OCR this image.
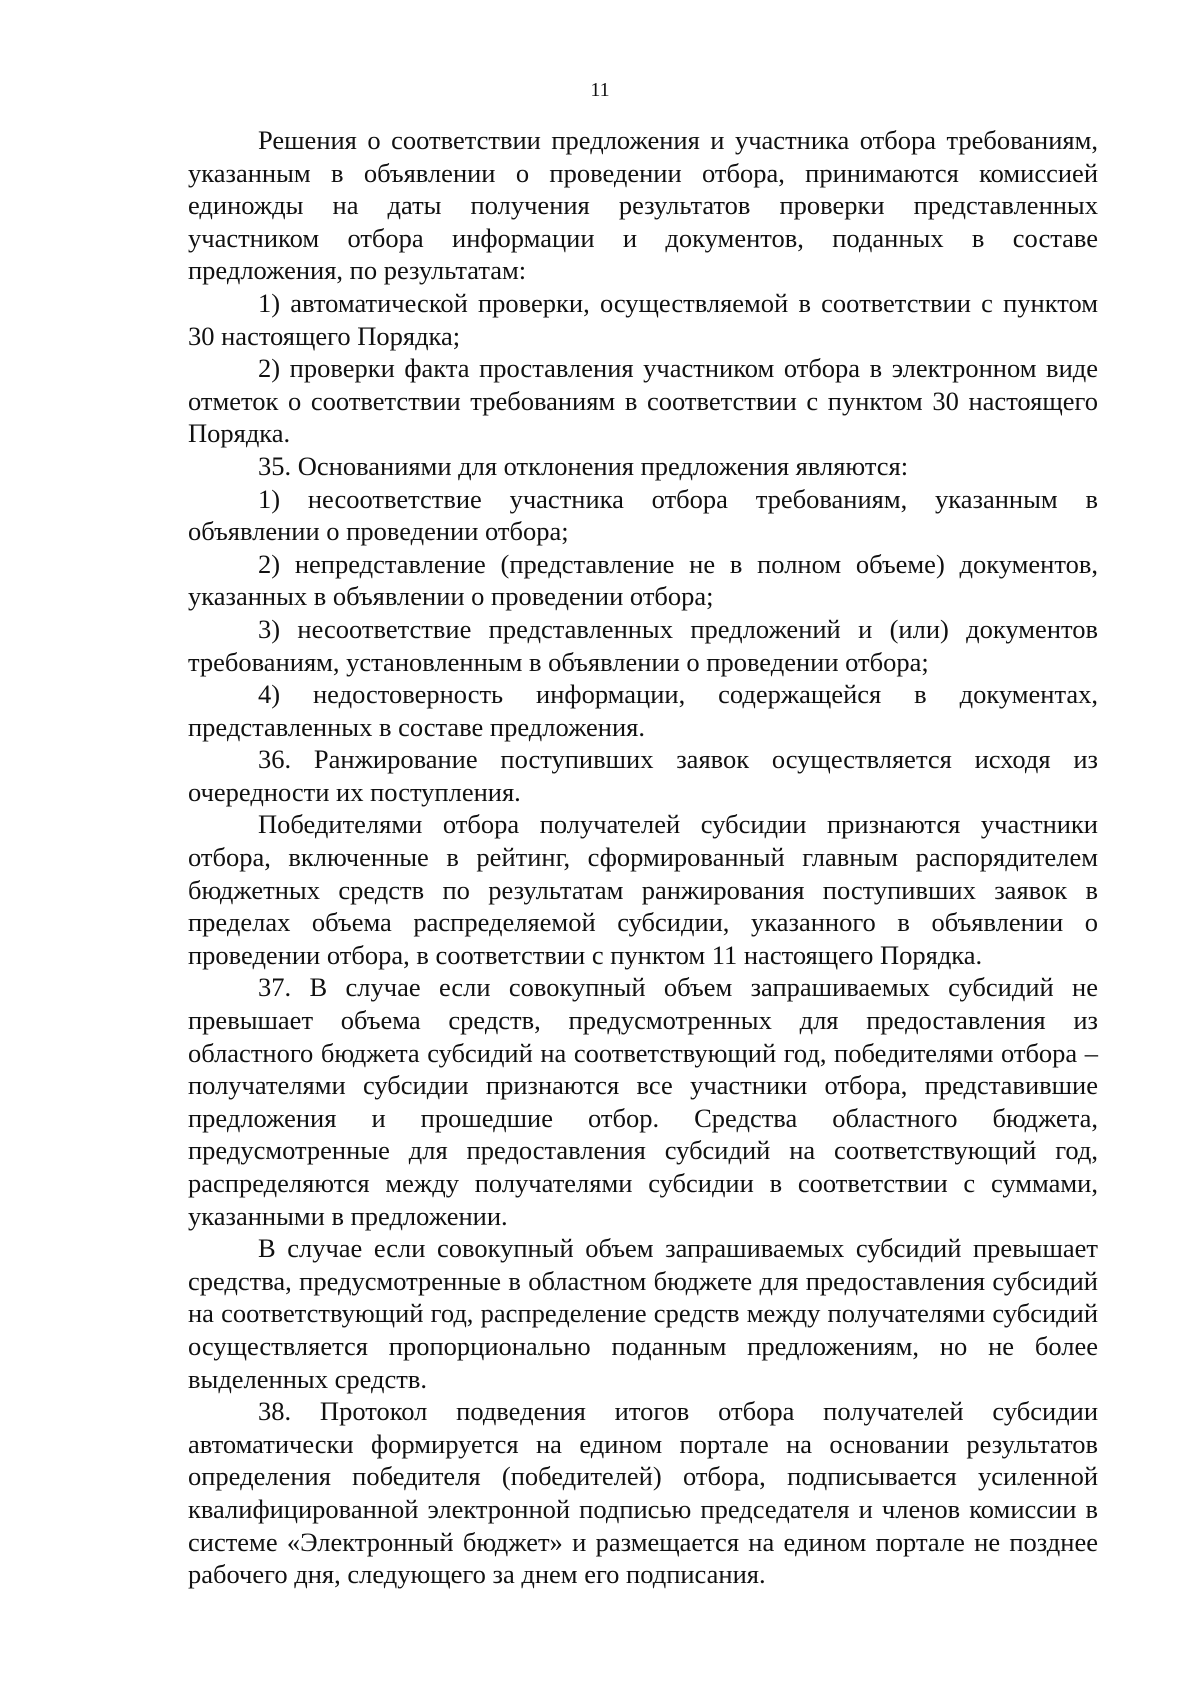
11

Решения о соответствии предложения и участника отбора требованиям, указанным в объявлении о проведении отбора, принимаются комиссией единожды на даты получения результатов проверки представленных участником отбора информации и документов, поданных в составе предложения, по результатам:

1) автоматической проверки, осуществляемой в соответствии с пунктом 30 настоящего Порядка;

2) проверки факта проставления участником отбора в электронном виде отметок о соответствии требованиям в соответствии с пунктом 30 настоящего Порядка.

35. Основаниями для отклонения предложения являются:

1) несоответствие участника отбора требованиям, указанным в объявлении о проведении отбора;

2) непредставление (представление не в полном объеме) документов, указанных в объявлении о проведении отбора;

3) несоответствие представленных предложений и (или) документов требованиям, установленным в объявлении о проведении отбора;

4) недостоверность информации, содержащейся в документах, представленных в составе предложения.

36. Ранжирование поступивших заявок осуществляется исходя из очередности их поступления.

Победителями отбора получателей субсидии признаются участники отбора, включенные в рейтинг, сформированный главным распорядителем бюджетных средств по результатам ранжирования поступивших заявок в пределах объема распределяемой субсидии, указанного в объявлении о проведении отбора, в соответствии с пунктом 11 настоящего Порядка.

37. В случае если совокупный объем запрашиваемых субсидий не превышает объема средств, предусмотренных для предоставления из областного бюджета субсидий на соответствующий год, победителями отбора – получателями субсидии признаются все участники отбора, представившие предложения и прошедшие отбор. Средства областного бюджета, предусмотренные для предоставления субсидий на соответствующий год, распределяются между получателями субсидии в соответствии с суммами, указанными в предложении.

В случае если совокупный объем запрашиваемых субсидий превышает средства, предусмотренные в областном бюджете для предоставления субсидий на соответствующий год, распределение средств между получателями субсидий осуществляется пропорционально поданным предложениям, но не более выделенных средств.

38. Протокол подведения итогов отбора получателей субсидии автоматически формируется на едином портале на основании результатов определения победителя (победителей) отбора, подписывается усиленной квалифицированной электронной подписью председателя и членов комиссии в системе «Электронный бюджет» и размещается на едином портале не позднее рабочего дня, следующего за днем его подписания.
